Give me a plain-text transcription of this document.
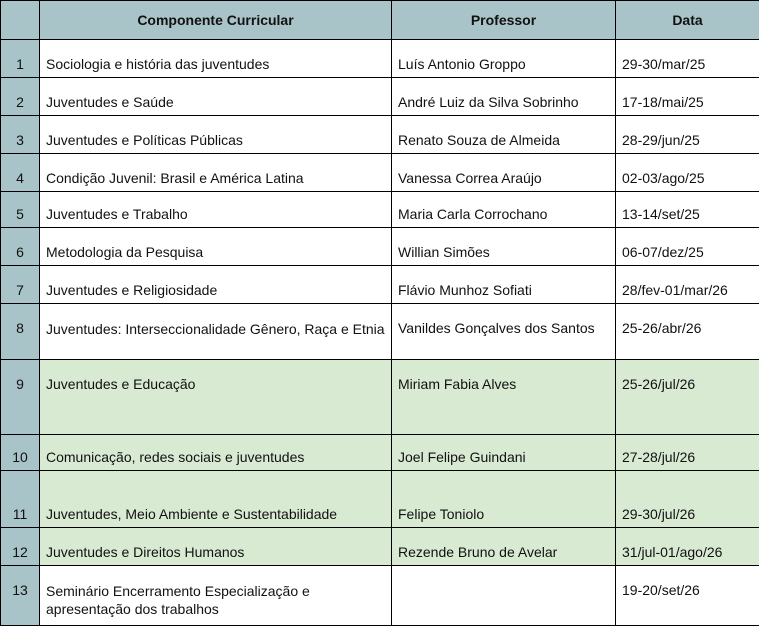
	Componente Curricular	Professor	Data
1	Sociologia e história das juventudes	Luís Antonio Groppo	29-30/mar/25
2	Juventudes e Saúde	André Luiz da Silva Sobrinho	17-18/mai/25
3	Juventudes e Políticas Públicas	Renato Souza de Almeida	28-29/jun/25
4	Condição Juvenil: Brasil e América Latina	Vanessa Correa Araújo	02-03/ago/25
5	Juventudes e Trabalho	Maria Carla Corrochano	13-14/set/25
6	Metodologia da Pesquisa	Willian Simões	06-07/dez/25
7	Juventudes e Religiosidade	Flávio Munhoz Sofiati	28/fev-01/mar/26
8	Juventudes: Interseccionalidade Gênero, Raça e Etnia	Vanildes Gonçalves dos Santos	25-26/abr/26
9	Juventudes e Educação	Miriam Fabia Alves	25-26/jul/26
10	Comunicação, redes sociais e juventudes	Joel Felipe Guindani	27-28/jul/26
11	Juventudes, Meio Ambiente e Sustentabilidade	Felipe Toniolo	29-30/jul/26
12	Juventudes e Direitos Humanos	Rezende Bruno de Avelar	31/jul-01/ago/26
13	Seminário Encerramento Especialização e apresentação dos trabalhos		19-20/set/26
